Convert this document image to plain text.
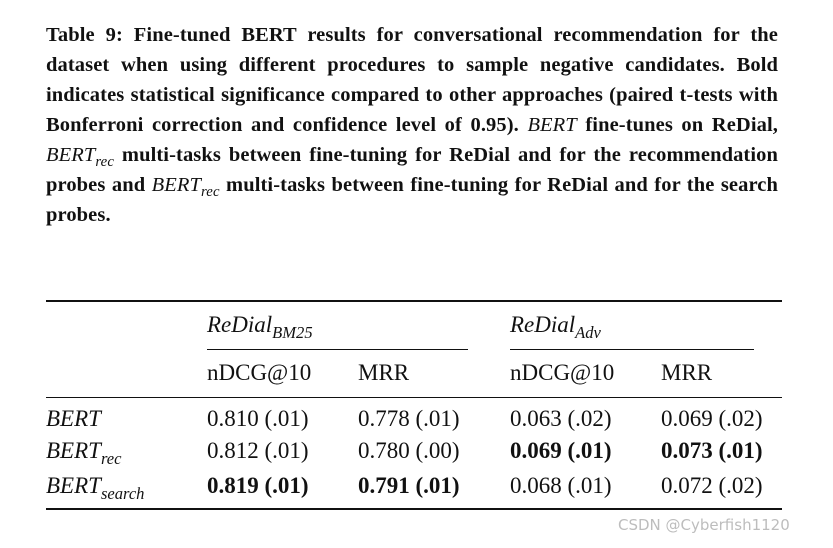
Table 9: Fine-tuned BERT results for conversational recommendation for the dataset when using different procedures to sample negative candidates. Bold indicates statistical significance compared to other approaches (paired t-tests with Bonferroni correction and confidence level of 0.95). BERT fine-tunes on ReDial, $BERT_{rec}$ multi-tasks between fine-tuning for ReDial and for the recommendation probes and $BERT_{rec}$ multi-tasks between fine-tuning for ReDial and for the search probes.
ReDial$_{BM25}$	ReDial$_{Adv}$
nDCG@10 MRR	nDCG@10 MRR
BERT	0.810 (.01) 0.778 (.01) 0.063 (.02) 0.069 (.02)
$BERT_{rec}$	0.812 (.01) 0.780 (.00) 0.069 (.01) 0.073 (.01)
$BERT_{search}$	0.819 (.01) 0.791 (.01) 0.068 (.01) 0.072 (.02)
CSDN @Cyberfish1120
